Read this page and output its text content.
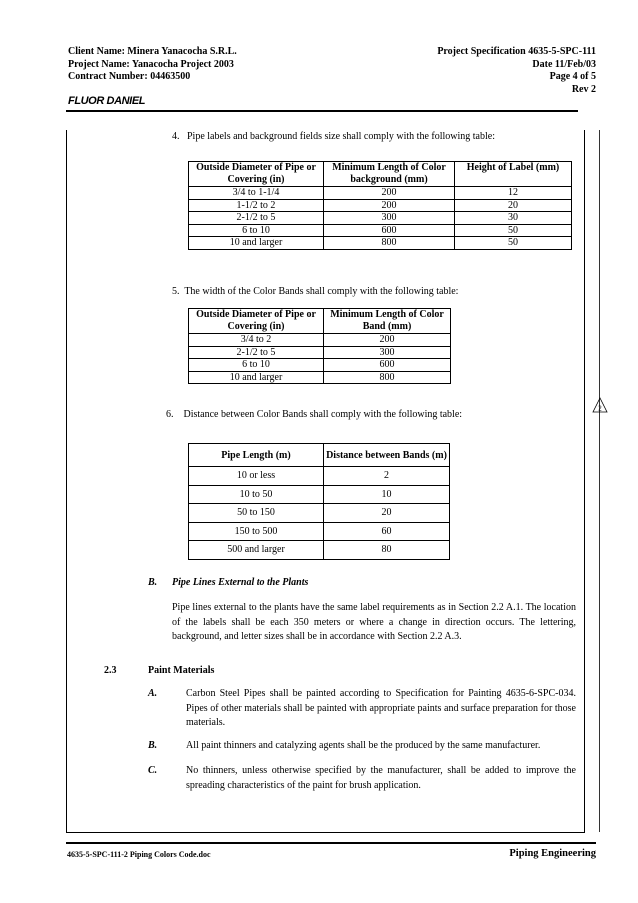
Client Name: Minera Yanacocha S.R.L.
Project Name: Yanacocha Project 2003
Contract Number: 04463500
Project Specification 4635-5-SPC-111
Date 11/Feb/03
Page 4 of 5
Rev 2
FLUOR DANIEL
2
4. Pipe labels and background fields size shall comply with the following table:
Outside Diameter of Pipe or Covering (in)	Minimum Length of Color background (mm)	Height of Label (mm)
3/4 to 1-1/4	200	12
1-1/2 to 2	200	20
2-1/2 to 5	300	30
6 to 10	600	50
10 and larger	800	50
5. The width of the Color Bands shall comply with the following table:
Outside Diameter of Pipe or Covering (in)	Minimum Length of Color Band (mm)
3/4 to 2	200
2-1/2 to 5	300
6 to 10	600
10 and larger	800
6. Distance between Color Bands shall comply with the following table:
Pipe Length (m)	Distance between Bands (m)
10 or less	2
10 to 50	10
50 to 150	20
150 to 500	60
500 and larger	80
B. Pipe Lines External to the Plants
Pipe lines external to the plants have the same label requirements as in Section 2.2 A.1. The location of the labels shall be each 350 meters or where a change in direction occurs. The lettering, background, and letter sizes shall be in accordance with Section 2.2 A.3.
2.3	Paint Materials
A.	Carbon Steel Pipes shall be painted according to Specification for Painting 4635-6-SPC-034. Pipes of other materials shall be painted with appropriate paints and surface preparation for those materials.
B.	All paint thinners and catalyzing agents shall be the produced by the same manufacturer.
C.	No thinners, unless otherwise specified by the manufacturer, shall be added to improve the spreading characteristics of the paint for brush application.
4635-5-SPC-111-2 Piping Colors Code.doc	Piping Engineering
